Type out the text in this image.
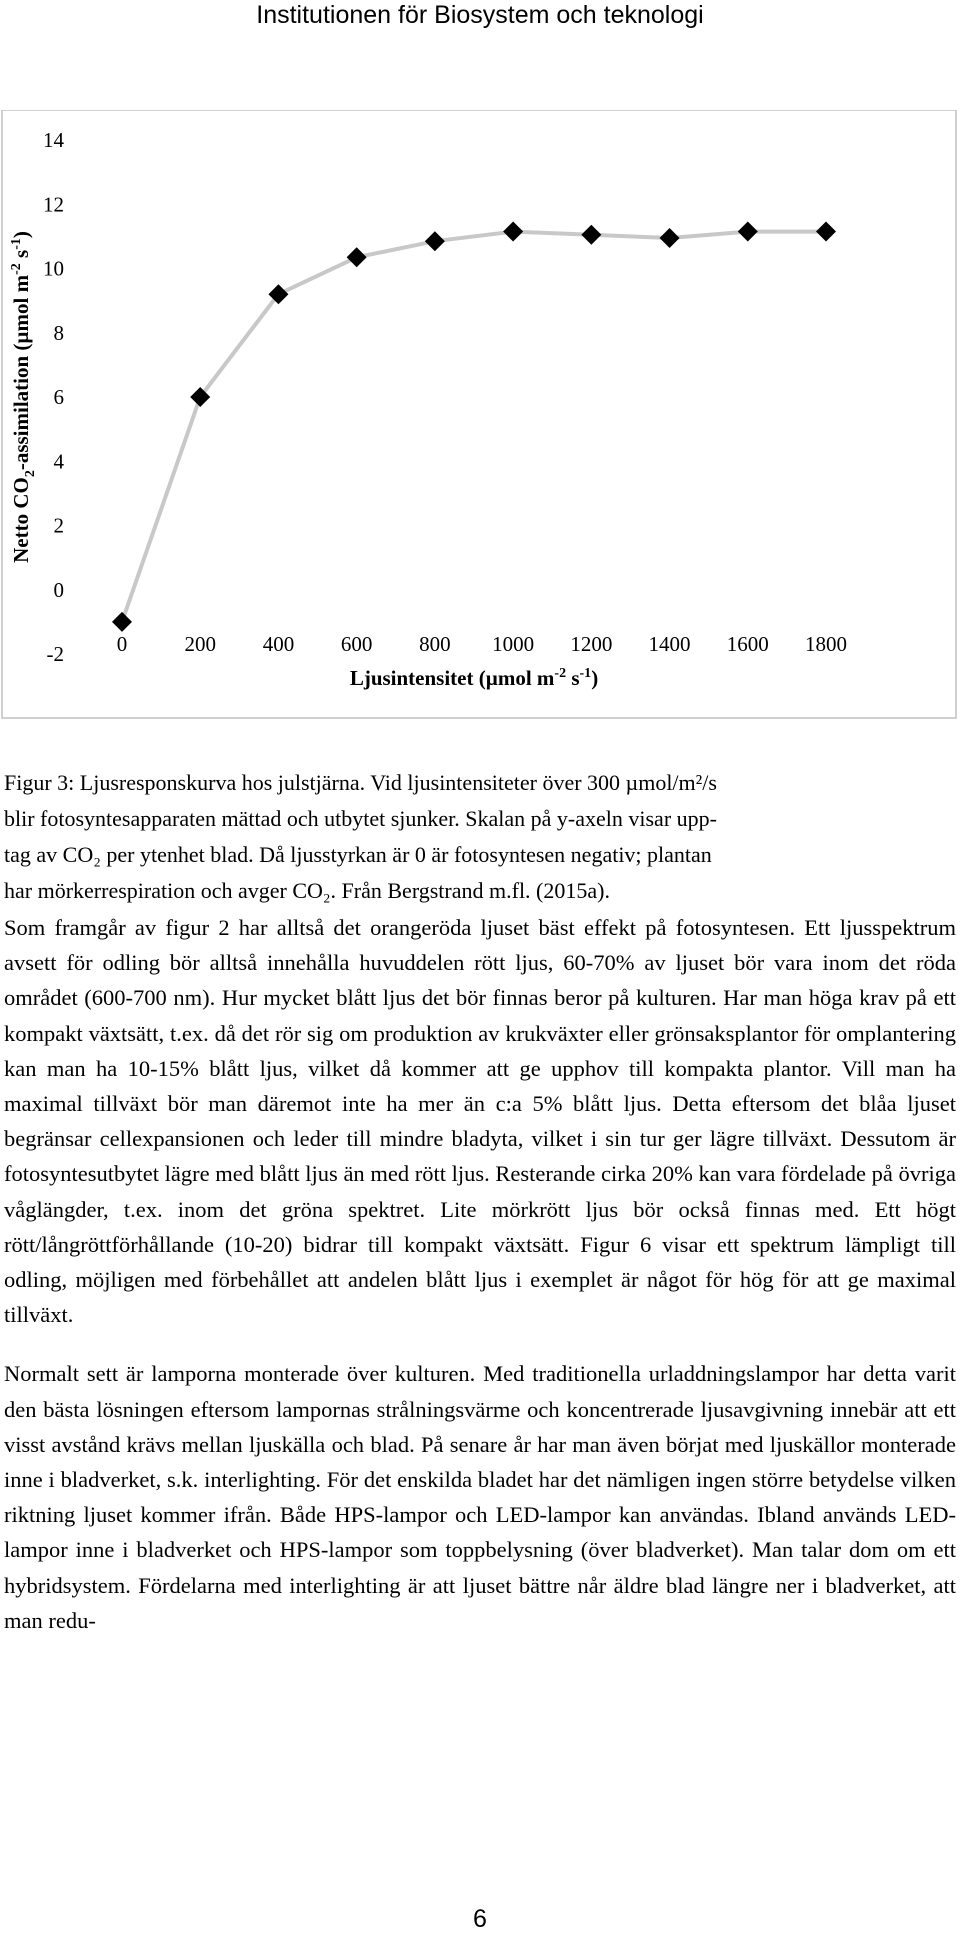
Institutionen för Biosystem och teknologi
-2
0
2
4
6
8
10
12
14
0	200 400 600 800 1000 1200 1400 1600 1800
Ljusintensitet (µmol $m^{-2}$ $s^{-1}$)
Netto $CO_2$-assimilation (µmol $m^{-2}$ $s^{-1}$)
Figur 3: Ljusresponskurva hos julstjärna. Vid ljusintensiteter över 300 µmol/m²/s
blir fotosyntesapparaten mättad och utbytet sjunker. Skalan på y-axeln visar upp-
tag av CO₂ per ytenhet blad. Då ljusstyrkan är 0 är fotosyntesen negativ; plantan
har mörkerrespiration och avger CO₂. Från Bergstrand m.fl. (2015a).

Som framgår av figur 2 har alltså det orangeröda ljuset bäst effekt på fotosyntesen. Ett ljusspektrum avsett för odling bör alltså innehålla huvuddelen rött ljus, 60-70% av ljuset bör vara inom det röda området (600-700 nm). Hur mycket blått ljus det bör finnas beror på kulturen. Har man höga krav på ett kompakt växtsätt, t.ex. då det rör sig om produktion av krukväxter eller grönsaksplantor för omplantering kan man ha 10-15% blått ljus, vilket då kommer att ge upphov till kompakta plantor. Vill man ha maximal tillväxt bör man däremot inte ha mer än c:a 5% blått ljus. Detta eftersom det blåa ljuset begränsar cellexpansionen och leder till mindre bladyta, vilket i sin tur ger lägre tillväxt. Dessutom är fotosyntesutbytet lägre med blått ljus än med rött ljus. Resterande cirka 20% kan vara fördelade på övriga våglängder, t.ex. inom det gröna spektret. Lite mörkrött ljus bör också finnas med. Ett högt rött/långröttförhållande (10-20) bidrar till kompakt växtsätt. Figur 6 visar ett spektrum lämpligt till odling, möjligen med förbehållet att andelen blått ljus i exemplet är något för hög för att ge maximal tillväxt.

Normalt sett är lamporna monterade över kulturen. Med traditionella urladdningslampor har detta varit den bästa lösningen eftersom lampornas strålningsvärme och koncentrerade ljusavgivning innebär att ett visst avstånd krävs mellan ljuskälla och blad. På senare år har man även börjat med ljuskällor monterade inne i bladverket, s.k. interlighting. För det enskilda bladet har det nämligen ingen större betydelse vilken riktning ljuset kommer ifrån. Både HPS-lampor och LED-lampor kan användas. Ibland används LED-lampor inne i bladverket och HPS-lampor som toppbelysning (över bladverket). Man talar dom om ett hybridsystem. Fördelarna med interlighting är att ljuset bättre når äldre blad längre ner i bladverket, att man redu-

6
